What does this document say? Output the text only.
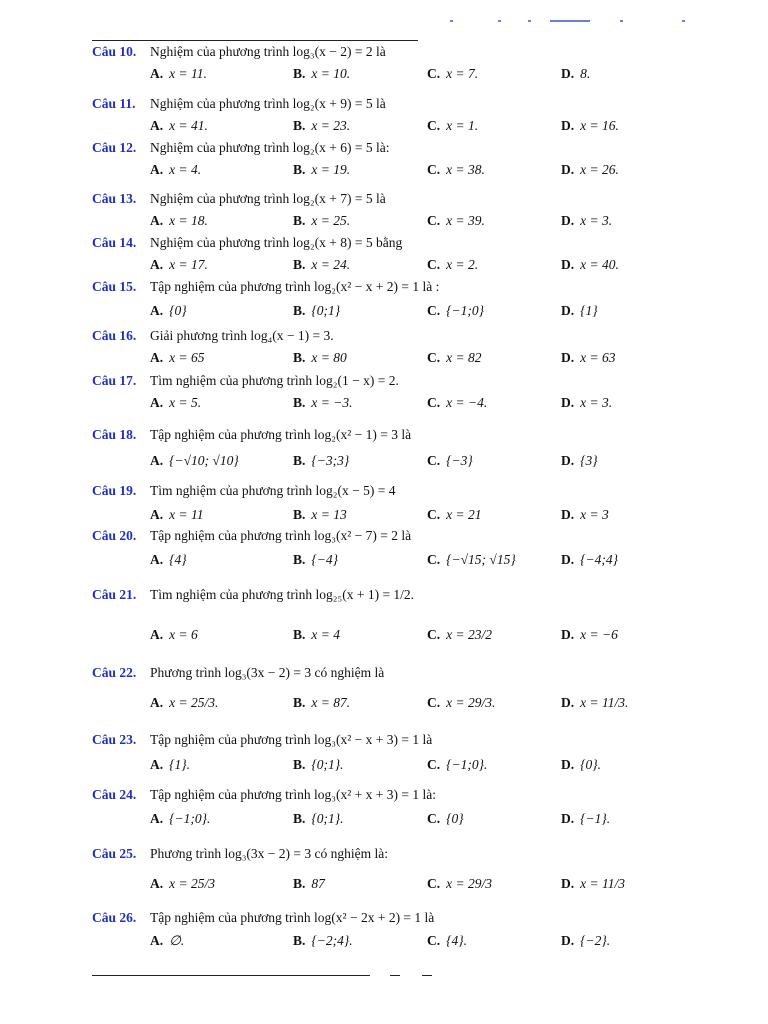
Câu 10. Nghiệm của phương trình log₃(x − 2) = 2 là
A. x = 11.	B. x = 10.	C. x = 7.	D. 8.
Câu 11. Nghiệm của phương trình log₂(x + 9) = 5 là
A. x = 41.	B. x = 23.	C. x = 1.	D. x = 16.
Câu 12. Nghiệm của phương trình log₂(x + 6) = 5 là:
A. x = 4.	B. x = 19.	C. x = 38.	D. x = 26.
Câu 13. Nghiệm của phương trình log₂(x + 7) = 5 là
A. x = 18.	B. x = 25.	C. x = 39.	D. x = 3.
Câu 14. Nghiệm của phương trình log₂(x + 8) = 5 bằng
A. x = 17.	B. x = 24.	C. x = 2.	D. x = 40.
Câu 15. Tập nghiệm của phương trình log₂(x² − x + 2) = 1 là :
A. {0}	B. {0;1}	C. {−1;0}	D. {1}
Câu 16. Giải phương trình log₄(x − 1) = 3.
A. x = 65	B. x = 80	C. x = 82	D. x = 63
Câu 17. Tìm nghiệm của phương trình log₂(1 − x) = 2.
A. x = 5.	B. x = −3.	C. x = −4.	D. x = 3.
Câu 18. Tập nghiệm của phương trình log₂(x² − 1) = 3 là
A. {−√10; √10}	B. {−3;3}	C. {−3}	D. {3}
Câu 19. Tìm nghiệm của phương trình log₂(x − 5) = 4
A. x = 11	B. x = 13	C. x = 21	D. x = 3
Câu 20. Tập nghiệm của phương trình log₃(x² − 7) = 2 là
A. {4}	B. {−4}	C. {−√15; √15}	D. {−4;4}
Câu 21. Tìm nghiệm của phương trình log₂₅(x + 1) = 1/2.
A. x = 6	B. x = 4	C. x = 23/2	D. x = −6
Câu 22. Phương trình log₃(3x − 2) = 3 có nghiệm là
A. x = 25/3.	B. x = 87.	C. x = 29/3.	D. x = 11/3.
Câu 23. Tập nghiệm của phương trình log₃(x² − x + 3) = 1 là
A. {1}.	B. {0;1}.	C. {−1;0}.	D. {0}.
Câu 24. Tập nghiệm của phương trình log₃(x² + x + 3) = 1 là:
A. {−1;0}.	B. {0;1}.	C. {0}	D. {−1}.
Câu 25. Phương trình log₃(3x − 2) = 3 có nghiệm là:
A. x = 25/3	B. 87	C. x = 29/3	D. x = 11/3
Câu 26. Tập nghiệm của phương trình log(x² − 2x + 2) = 1 là
A. ∅.	B. {−2;4}.	C. {4}.	D. {−2}.
